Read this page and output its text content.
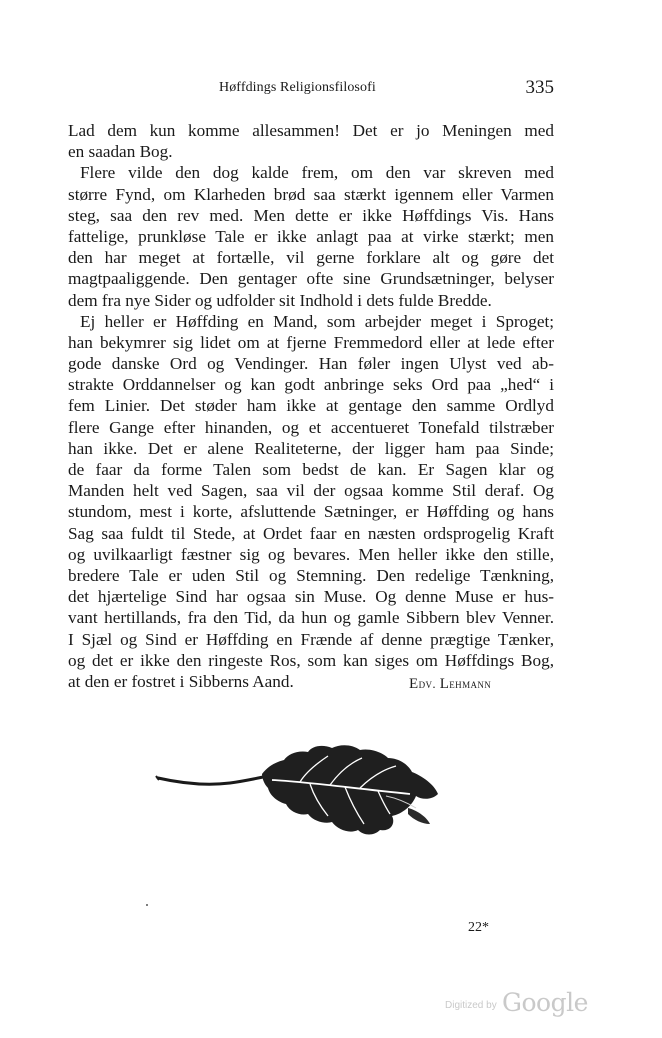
Høffdings Religionsfilosofi	335
Lad dem kun komme allesammen! Det er jo Meningen med
en saadan Bog.
Flere vilde den dog kalde frem, om den var skreven med
større Fynd, om Klarheden brød saa stærkt igennem eller Varmen
steg, saa den rev med. Men dette er ikke Høffdings Vis. Hans
fattelige, prunkløse Tale er ikke anlagt paa at virke stærkt; men
den har meget at fortælle, vil gerne forklare alt og gøre det
magtpaaliggende. Den gentager ofte sine Grundsætninger, belyser
dem fra nye Sider og udfolder sit Indhold i dets fulde Bredde.
Ej heller er Høffding en Mand, som arbejder meget i Sproget;
han bekymrer sig lidet om at fjerne Fremmedord eller at lede efter
gode danske Ord og Vendinger. Han føler ingen Ulyst ved ab-
strakte Orddannelser og kan godt anbringe seks Ord paa „hed“ i
fem Linier. Det støder ham ikke at gentage den samme Ordlyd
flere Gange efter hinanden, og et accentueret Tonefald tilstræber
han ikke. Det er alene Realiteterne, der ligger ham paa Sinde;
de faar da forme Talen som bedst de kan. Er Sagen klar og
Manden helt ved Sagen, saa vil der ogsaa komme Stil deraf. Og
stundom, mest i korte, afsluttende Sætninger, er Høffding og hans
Sag saa fuldt til Stede, at Ordet faar en næsten ordsprogelig Kraft
og uvilkaarligt fæstner sig og bevares. Men heller ikke den stille,
bredere Tale er uden Stil og Stemning. Den redelige Tænkning,
det hjærtelige Sind har ogsaa sin Muse. Og denne Muse er hus-
vant hertillands, fra den Tid, da hun og gamle Sibbern blev Venner.
I Sjæl og Sind er Høffding en Frænde af denne prægtige Tænker,
og det er ikke den ringeste Ros, som kan siges om Høffdings Bog,
at den er fostret i Sibberns Aand.	Edv. Lehmann
22*
Digitized by Google
